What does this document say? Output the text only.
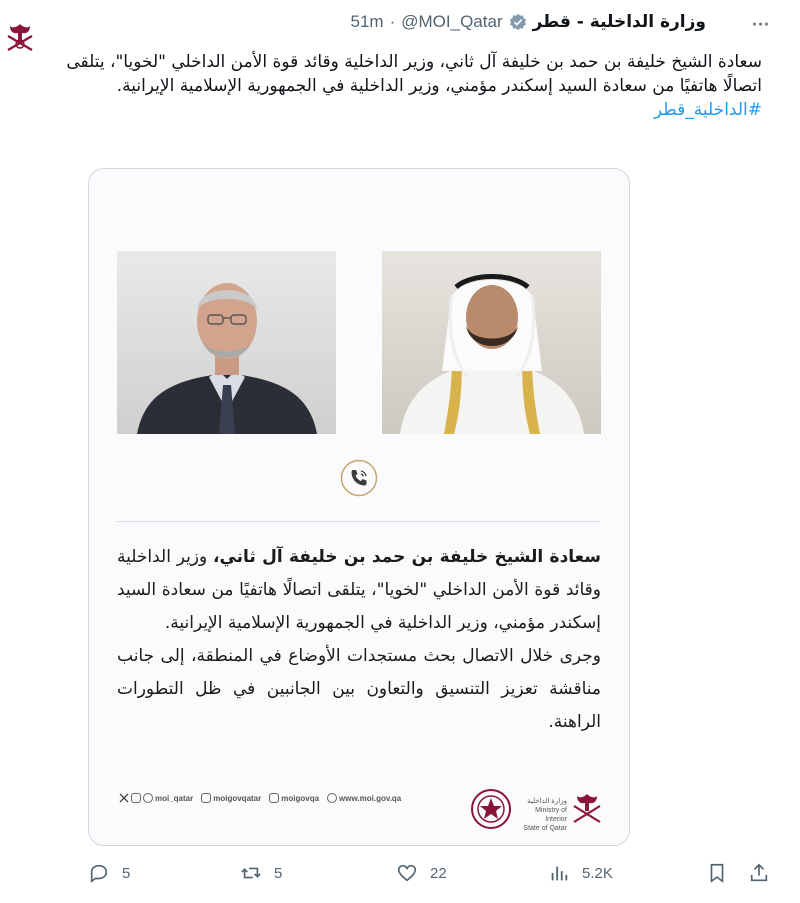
وزارة الداخلية - قطر
@MOI_Qatar
·
51m	···
سعادة الشيخ خليفة بن حمد بن خليفة آل ثاني، وزير الداخلية وقائد قوة الأمن الداخلي "لخويا"، يتلقى اتصالًا هاتفيًا من سعادة السيد إسكندر مؤمني، وزير الداخلية في الجمهورية الإسلامية الإيرانية.
#الداخلية_قطر

سعادة الشيخ خليفة بن حمد بن خليفة آل ثاني، وزير الداخلية وقائد قوة الأمن الداخلي "لخويا"، يتلقى اتصالًا هاتفيًا من سعادة السيد إسكندر مؤمني، وزير الداخلية في الجمهورية الإسلامية الإيرانية.

وجرى خلال الاتصال بحث مستجدات الأوضاع في المنطقة، إلى جانب مناقشة تعزيز التنسيق والتعاون بين الجانبين في ظل التطورات الراهنة.

moi_qatar	moigovqatar	moigovqa	www.moi.gov.qa	وزارة الداخلية
Ministry of Interior
State of Qatar
5	5	22	5.2K
